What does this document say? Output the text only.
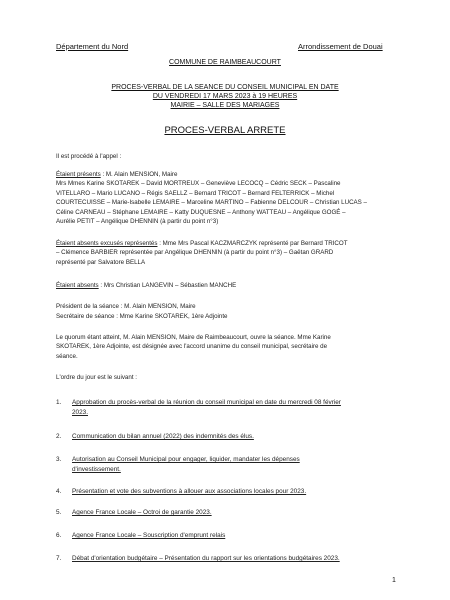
Département du Nord	Arrondissement de Douai
COMMUNE DE RAIMBEAUCOURT
PROCES-VERBAL DE LA SEANCE DU CONSEIL MUNICIPAL EN DATE
DU VENDREDI 17 MARS 2023 à 19 HEURES
MAIRIE – SALLE DES MARIAGES
PROCES-VERBAL ARRETE
Il est procédé à l'appel :
Étaient présents : M. Alain MENSION, Maire
Mrs Mmes Karine SKOTAREK – David MORTREUX – Geneviève LECOCQ – Cédric SECK – Pascaline
VITELLARO – Mario LUCANO – Régis SAELLZ – Bernard TRICOT – Bernard FELTERRICK – Michel
COURTECUISSE – Marie-Isabelle LEMAIRE – Marceline MARTINO – Fabienne DELCOUR – Christian LUCAS –
Céline CARNEAU – Stéphane LEMAIRE – Katty DUQUESNE – Anthony WATTEAU – Angélique GOGÉ –
Aurélie PETIT – Angélique DHENNIN (à partir du point n°3)
Étaient absents excusés représentés : Mme Mrs Pascal KACZMARCZYK représenté par Bernard TRICOT
– Clémence BARBIER représentée par Angélique DHENNIN (à partir du point n°3) – Gaëtan GRARD
représenté par Salvatore BELLA
Étaient absents : Mrs Christian LANGEVIN – Sébastien MANCHE
Président de la séance : M. Alain MENSION, Maire
Secrétaire de séance : Mme Karine SKOTAREK, 1ère Adjointe
Le quorum étant atteint, M. Alain MENSION, Maire de Raimbeaucourt, ouvre la séance. Mme Karine
SKOTAREK, 1ère Adjointe, est désignée avec l'accord unanime du conseil municipal, secrétaire de
séance.
L'ordre du jour est le suivant :
1. Approbation du procès-verbal de la réunion du conseil municipal en date du mercredi 08 février
2023.
2. Communication du bilan annuel (2022) des indemnités des élus.
3. Autorisation au Conseil Municipal pour engager, liquider, mandater les dépenses
d'investissement.
4. Présentation et vote des subventions à allouer aux associations locales pour 2023.
5. Agence France Locale – Octroi de garantie 2023.
6. Agence France Locale – Souscription d'emprunt relais
7. Débat d'orientation budgétaire – Présentation du rapport sur les orientations budgétaires 2023.
1
